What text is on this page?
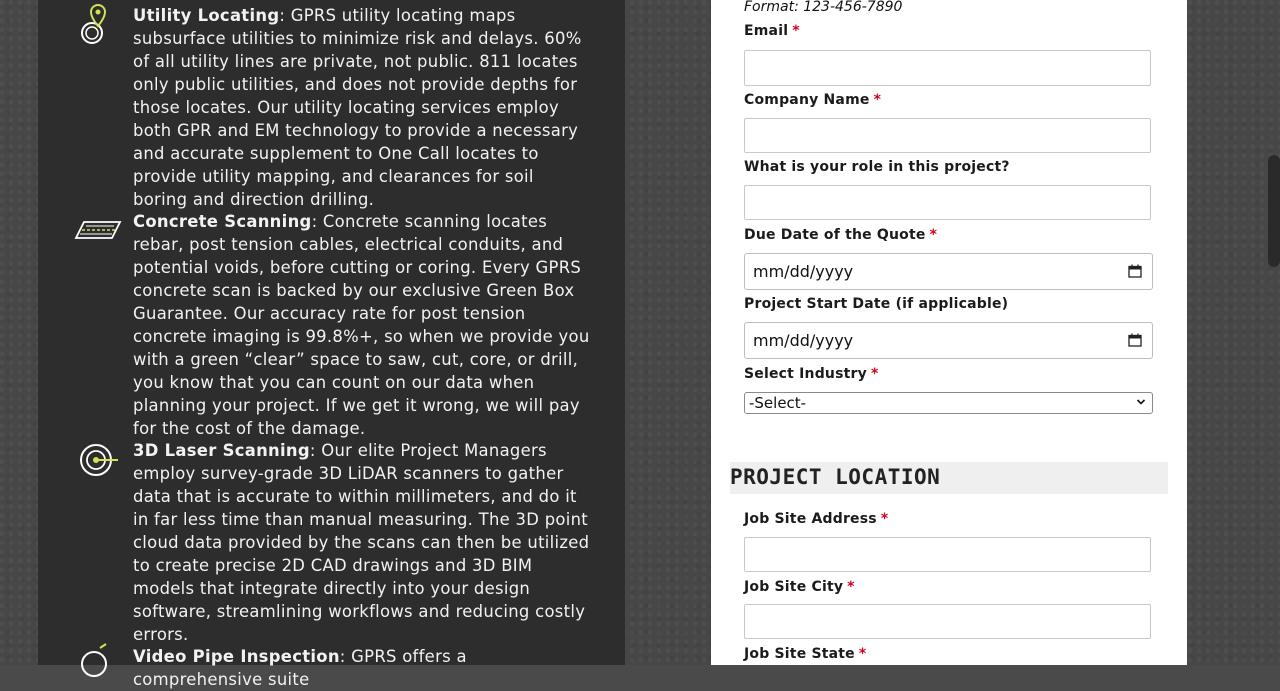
Utility Locating: GPRS utility locating maps subsurface utilities to minimize risk and delays. 60% of all utility lines are private, not public. 811 locates only public utilities, and does not provide depths for those locates. Our utility locating services employ both GPR and EM technology to provide a necessary and accurate supplement to One Call locates to provide utility mapping, and clearances for soil boring and direction drilling.
Concrete Scanning: Concrete scanning locates rebar, post tension cables, electrical conduits, and potential voids, before cutting or coring. Every GPRS concrete scan is backed by our exclusive Green Box Guarantee. Our accuracy rate for post tension concrete imaging is 99.8%+, so when we provide you with a green “clear” space to saw, cut, core, or drill, you know that you can count on our data when planning your project. If we get it wrong, we will pay for the cost of the damage.
3D Laser Scanning: Our elite Project Managers employ survey-grade 3D LiDAR scanners to gather data that is accurate to within millimeters, and do it in far less time than manual measuring. The 3D point cloud data provided by the scans can then be utilized to create precise 2D CAD drawings and 3D BIM models that integrate directly into your design software, streamlining workflows and reducing costly errors.
Video Pipe Inspection: GPRS offers a comprehensive suite
Format: 123-456-7890
Email *
Company Name *
What is your role in this project?
Due Date of the Quote *
mm/dd/yyyy
Project Start Date (if applicable)
mm/dd/yyyy
Select Industry *
-Select-
PROJECT LOCATION
Job Site Address *
Job Site City *
Job Site State *
